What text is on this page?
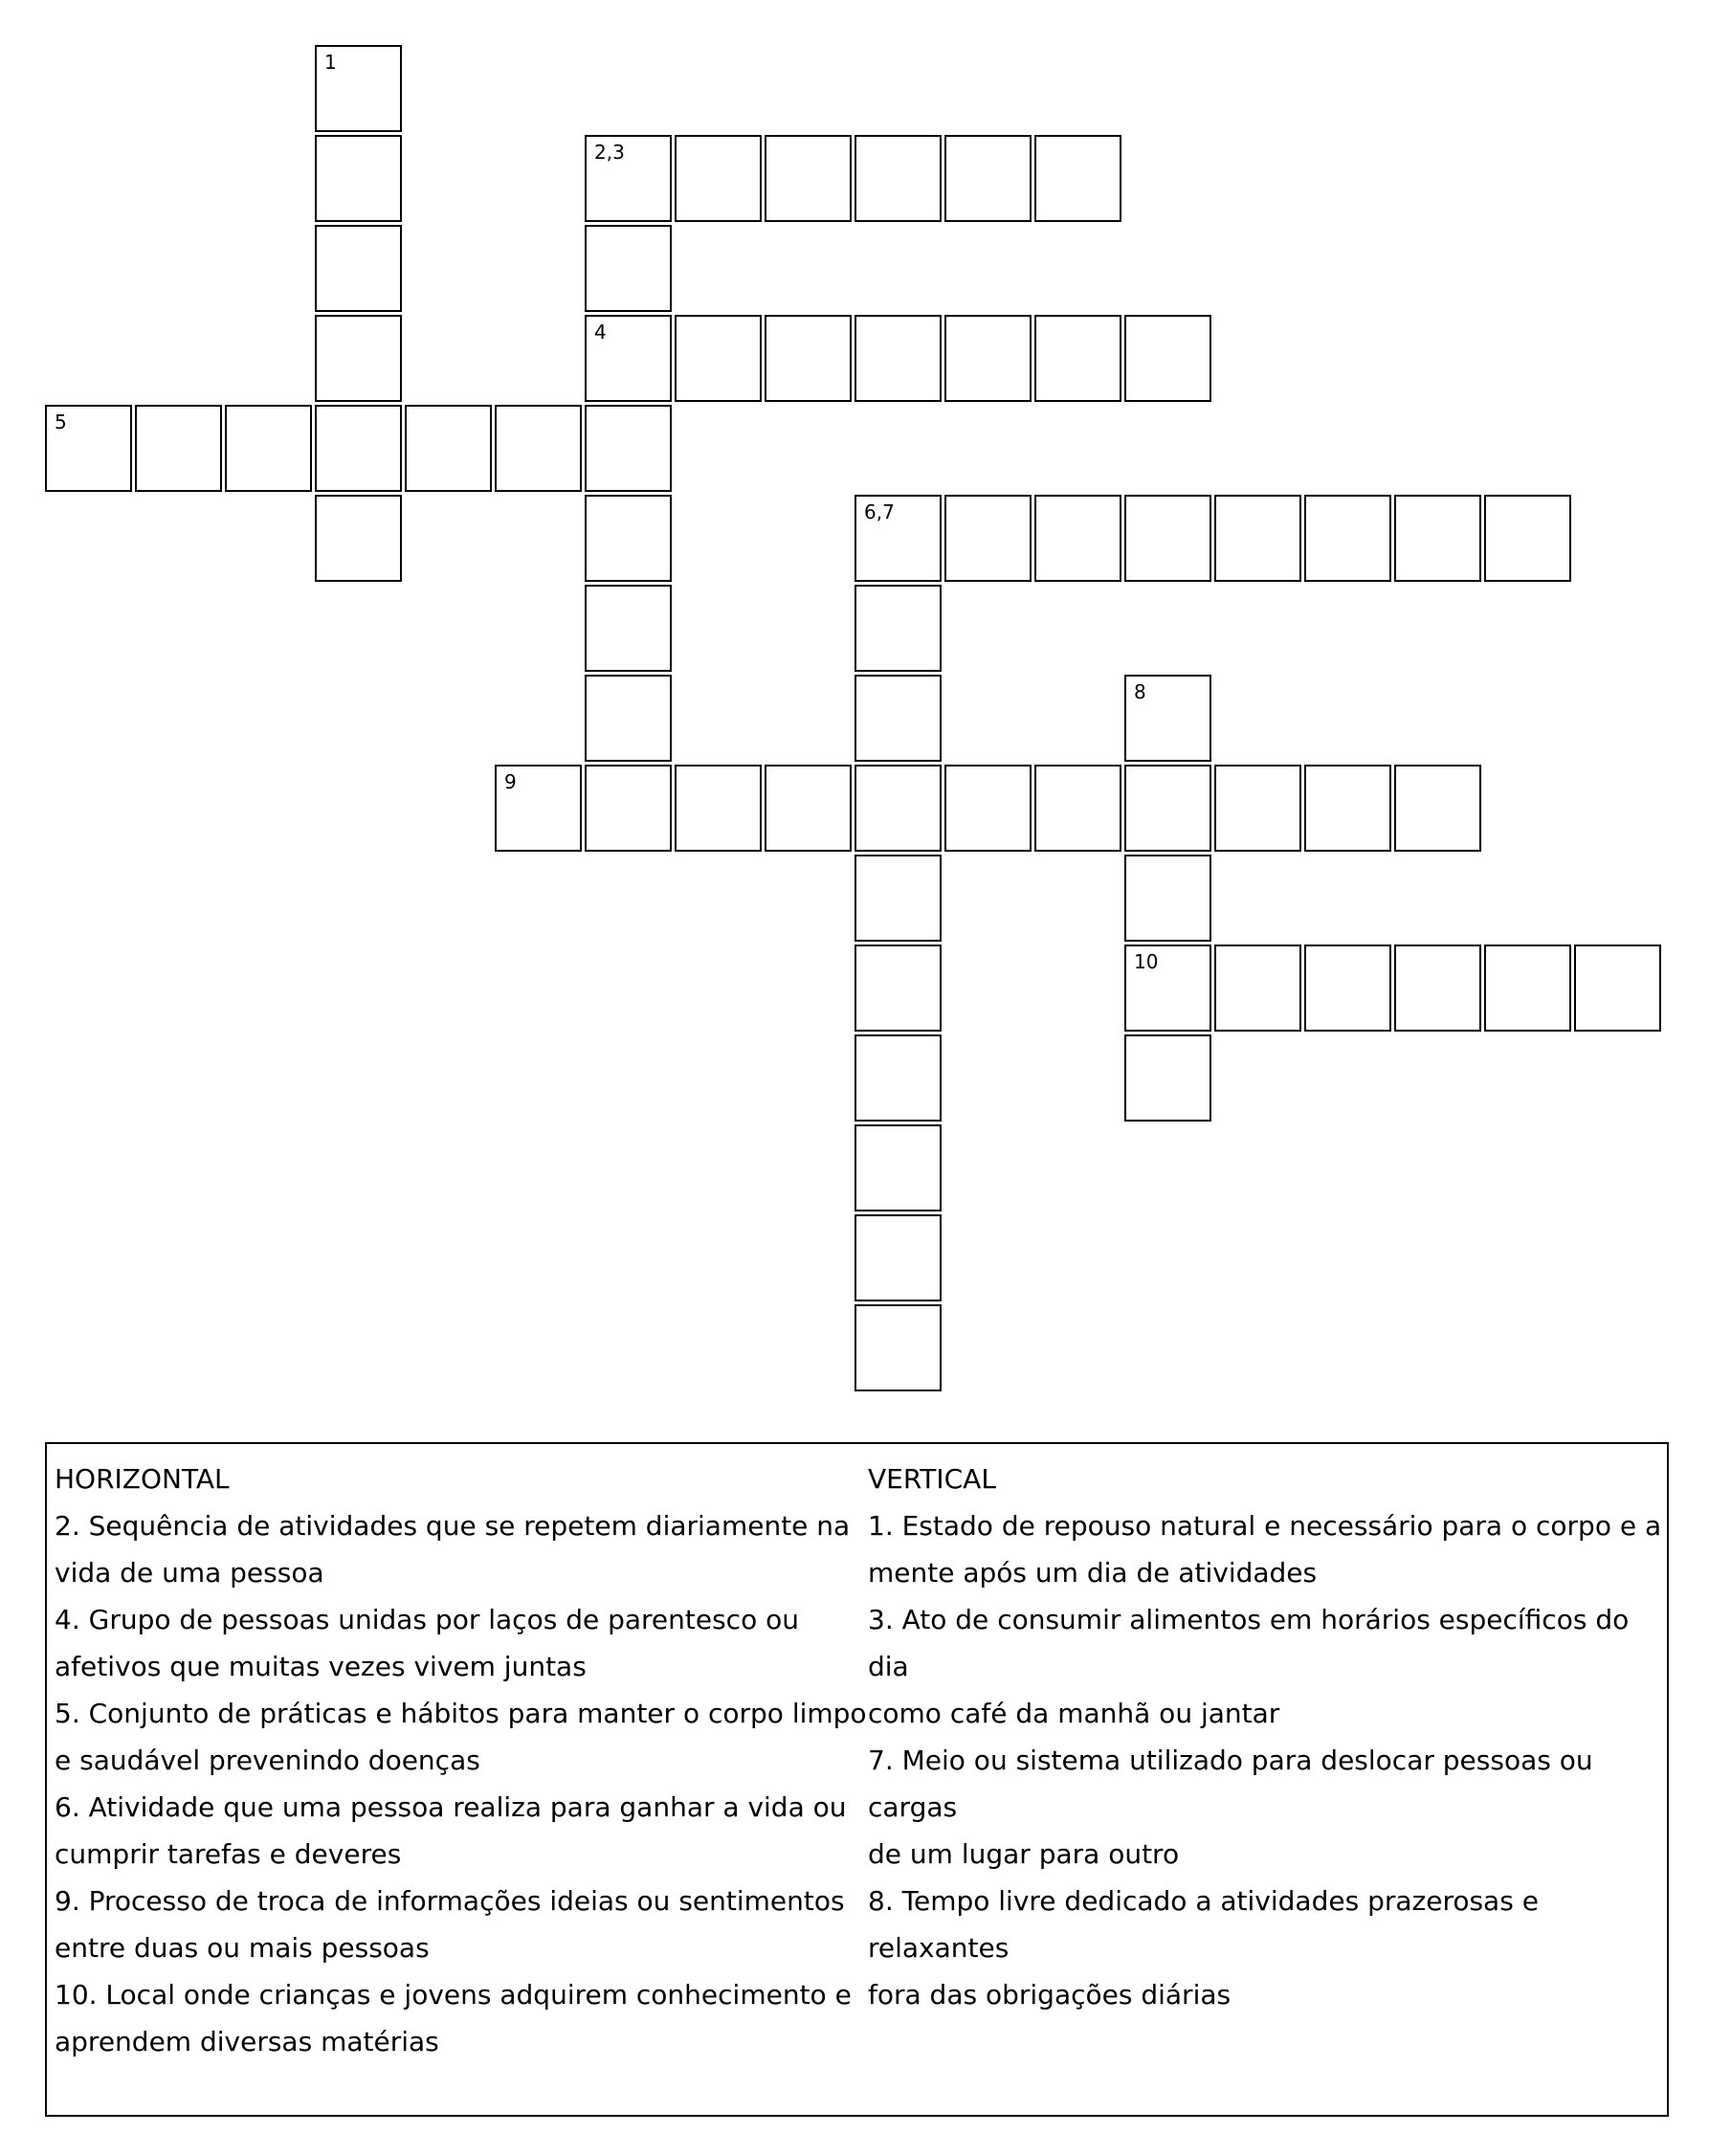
1
2,3
4
5
6,7
8
9
10
HORIZONTAL
2. Sequência de atividades que se repetem diariamente na
vida de uma pessoa
4. Grupo de pessoas unidas por laços de parentesco ou
afetivos que muitas vezes vivem juntas
5. Conjunto de práticas e hábitos para manter o corpo limpo
e saudável prevenindo doenças
6. Atividade que uma pessoa realiza para ganhar a vida ou
cumprir tarefas e deveres
9. Processo de troca de informações ideias ou sentimentos
entre duas ou mais pessoas
10. Local onde crianças e jovens adquirem conhecimento e
aprendem diversas matérias
VERTICAL
1. Estado de repouso natural e necessário para o corpo e a
mente após um dia de atividades
3. Ato de consumir alimentos em horários específicos do dia
como café da manhã ou jantar
7. Meio ou sistema utilizado para deslocar pessoas ou cargas
de um lugar para outro
8. Tempo livre dedicado a atividades prazerosas e relaxantes
fora das obrigações diárias
